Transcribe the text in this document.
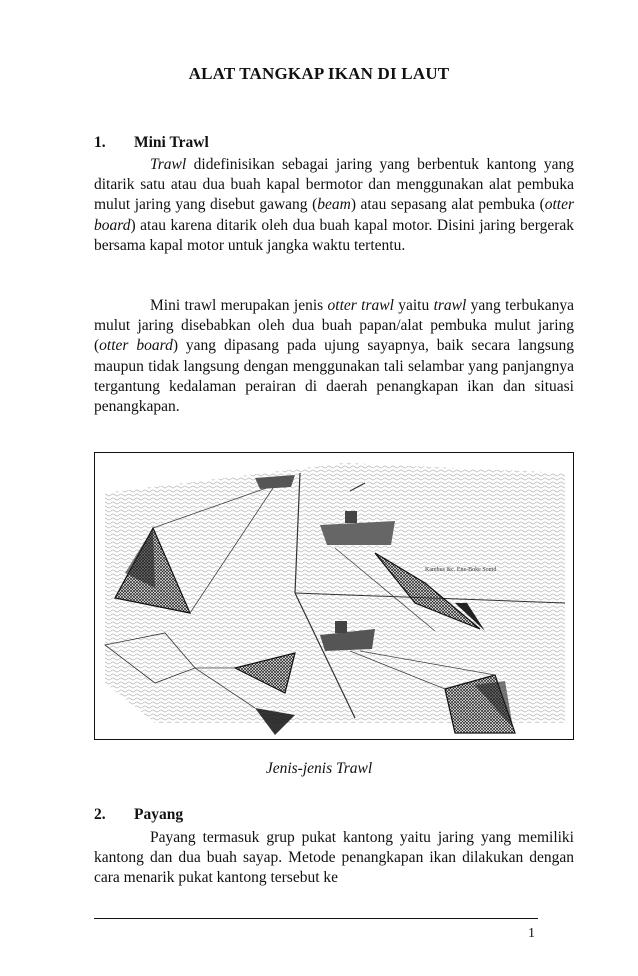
ALAT TANGKAP IKAN DI LAUT
1. Mini Trawl
Trawl didefinisikan sebagai jaring yang berbentuk kantong yang ditarik satu atau dua buah kapal bermotor dan menggunakan alat pembuka mulut jaring yang disebut gawang (beam) atau sepasang alat pembuka (otter board) atau karena ditarik oleh dua buah kapal motor. Disini jaring bergerak bersama kapal motor untuk jangka waktu tertentu.
Mini trawl merupakan jenis otter trawl yaitu trawl yang terbukanya mulut jaring disebabkan oleh dua buah papan/alat pembuka mulut jaring (otter board) yang dipasang pada ujung sayapnya, baik secara langsung maupun tidak langsung dengan menggunakan tali selambar yang panjangnya tergantung kedalaman perairan di daerah penangkapan ikan dan situasi penangkapan.
Kambus &c. Ene-Boke Somd
Jenis-jenis Trawl
2. Payang
Payang termasuk grup pukat kantong yaitu jaring yang memiliki kantong dan dua buah sayap. Metode penangkapan ikan dilakukan dengan cara menarik pukat kantong tersebut ke
1
